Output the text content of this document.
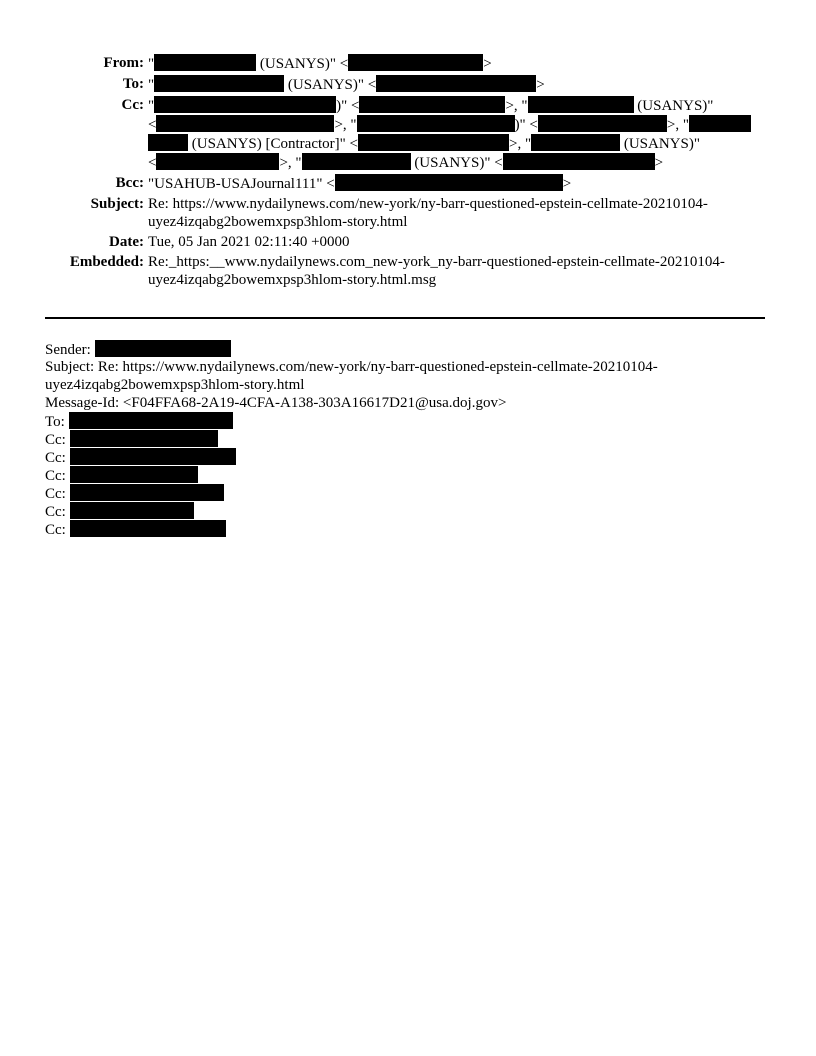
From: "	(USANYS)" <	>
To: "	(USANYS)" <	>
Cc: "	)" <	>, "	(USANYS)"
<	>, "	)" <	>, "
(USANYS) [Contractor]" <	>, "	(USANYS)"
<	>, "	(USANYS)" <	>
Bcc: "USAHUB-USAJournal111" <	>
Subject: Re: https://www.nydailynews.com/new-york/ny-barr-questioned-epstein-cellmate-20210104-uyez4izqabg2bowemxpsp3hlom-story.html
Date: Tue, 05 Jan 2021 02:11:40 +0000
Embedded: Re:_https:__www.nydailynews.com_new-york_ny-barr-questioned-epstein-cellmate-20210104-uyez4izqabg2bowemxpsp3hlom-story.html.msg
Sender:
Subject: Re: https://www.nydailynews.com/new-york/ny-barr-questioned-epstein-cellmate-20210104-
uyez4izqabg2bowemxpsp3hlom-story.html
Message-Id: <F04FFA68-2A19-4CFA-A138-303A16617D21@usa.doj.gov>
To:
Cc:
Cc:
Cc:
Cc:
Cc:
Cc:
